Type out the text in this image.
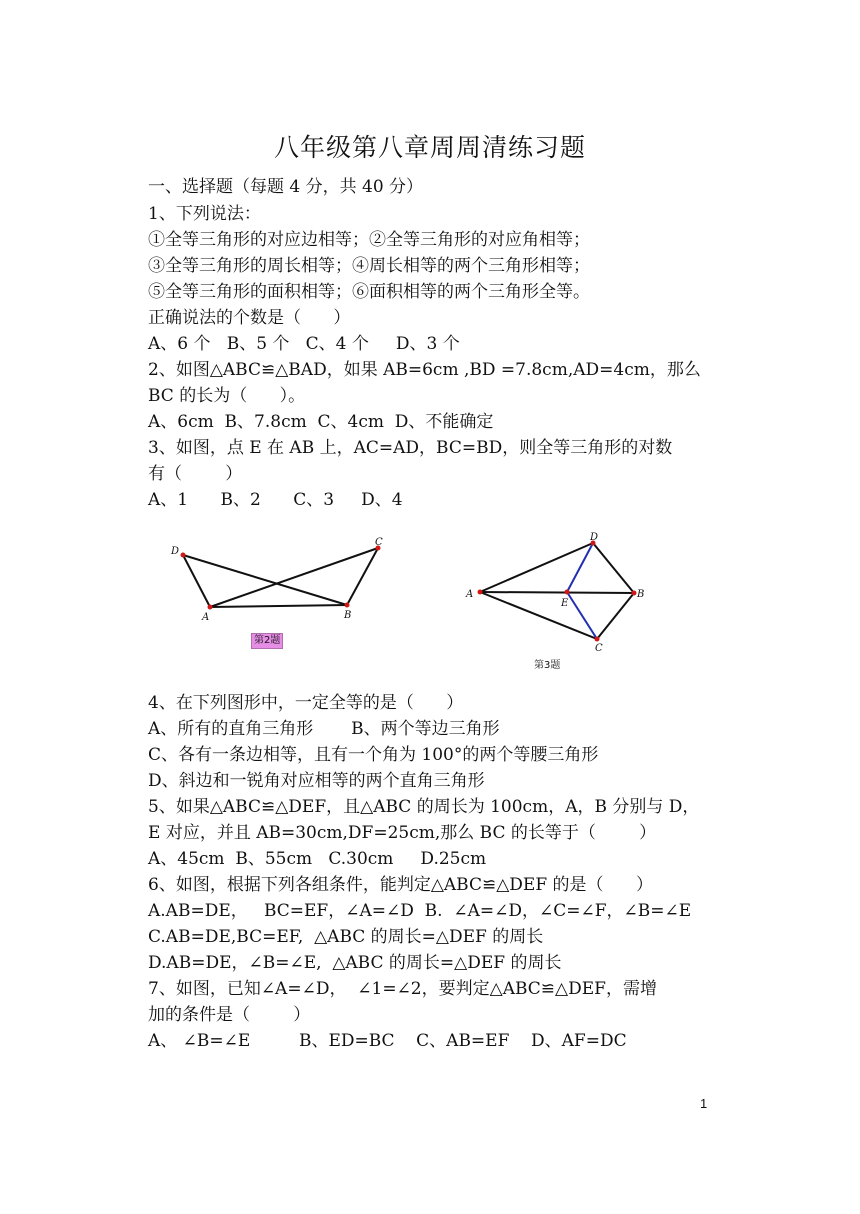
八年级第八章周周清练习题
一、选择题（每题 4 分，共 40 分）
1、下列说法：
①全等三角形的对应边相等；②全等三角形的对应角相等；
③全等三角形的周长相等；④周长相等的两个三角形相等；
⑤全等三角形的面积相等；⑥面积相等的两个三角形全等。
正确说法的个数是（      ）
A、6 个   B、5 个   C、4 个     D、3 个
2、如图△ABC≌△BAD，如果 AB=6cm ,BD =7.8cm,AD=4cm，那么
BC 的长为（      ）。
A、6cm  B、7.8cm  C、4cm  D、不能确定
3、如图，点 E 在 AB 上，AC=AD，BC=BD，则全等三角形的对数
有（        ）
A、1      B、2      C、3     D、4
D
C
A	B
第2题
D
A
E
B
C
第3题
4、在下列图形中，一定全等的是（      ）
A、所有的直角三角形       B、两个等边三角形
C、各有一条边相等，且有一个角为 100°的两个等腰三角形
D、斜边和一锐角对应相等的两个直角三角形
5、如果△ABC≌△DEF，且△ABC 的周长为 100cm，A，B 分别与 D，
E 对应，并且 AB=30cm,DF=25cm,那么 BC 的长等于（        ）
A、45cm  B、55cm   C.30cm     D.25cm
6、如图，根据下列各组条件，能判定△ABC≌△DEF 的是（      ）
A.AB=DE，   BC=EF，∠A=∠D  B.  ∠A=∠D，∠C=∠F，∠B=∠E
C.AB=DE,BC=EF,  △ABC 的周长=△DEF 的周长
D.AB=DE，∠B=∠E,  △ABC 的周长=△DEF 的周长
7、如图，已知∠A=∠D，  ∠1=∠2，要判定△ABC≌△DEF，需增
加的条件是（        ）
A、 ∠B=∠E         B、ED=BC    C、AB=EF    D、AF=DC
1
